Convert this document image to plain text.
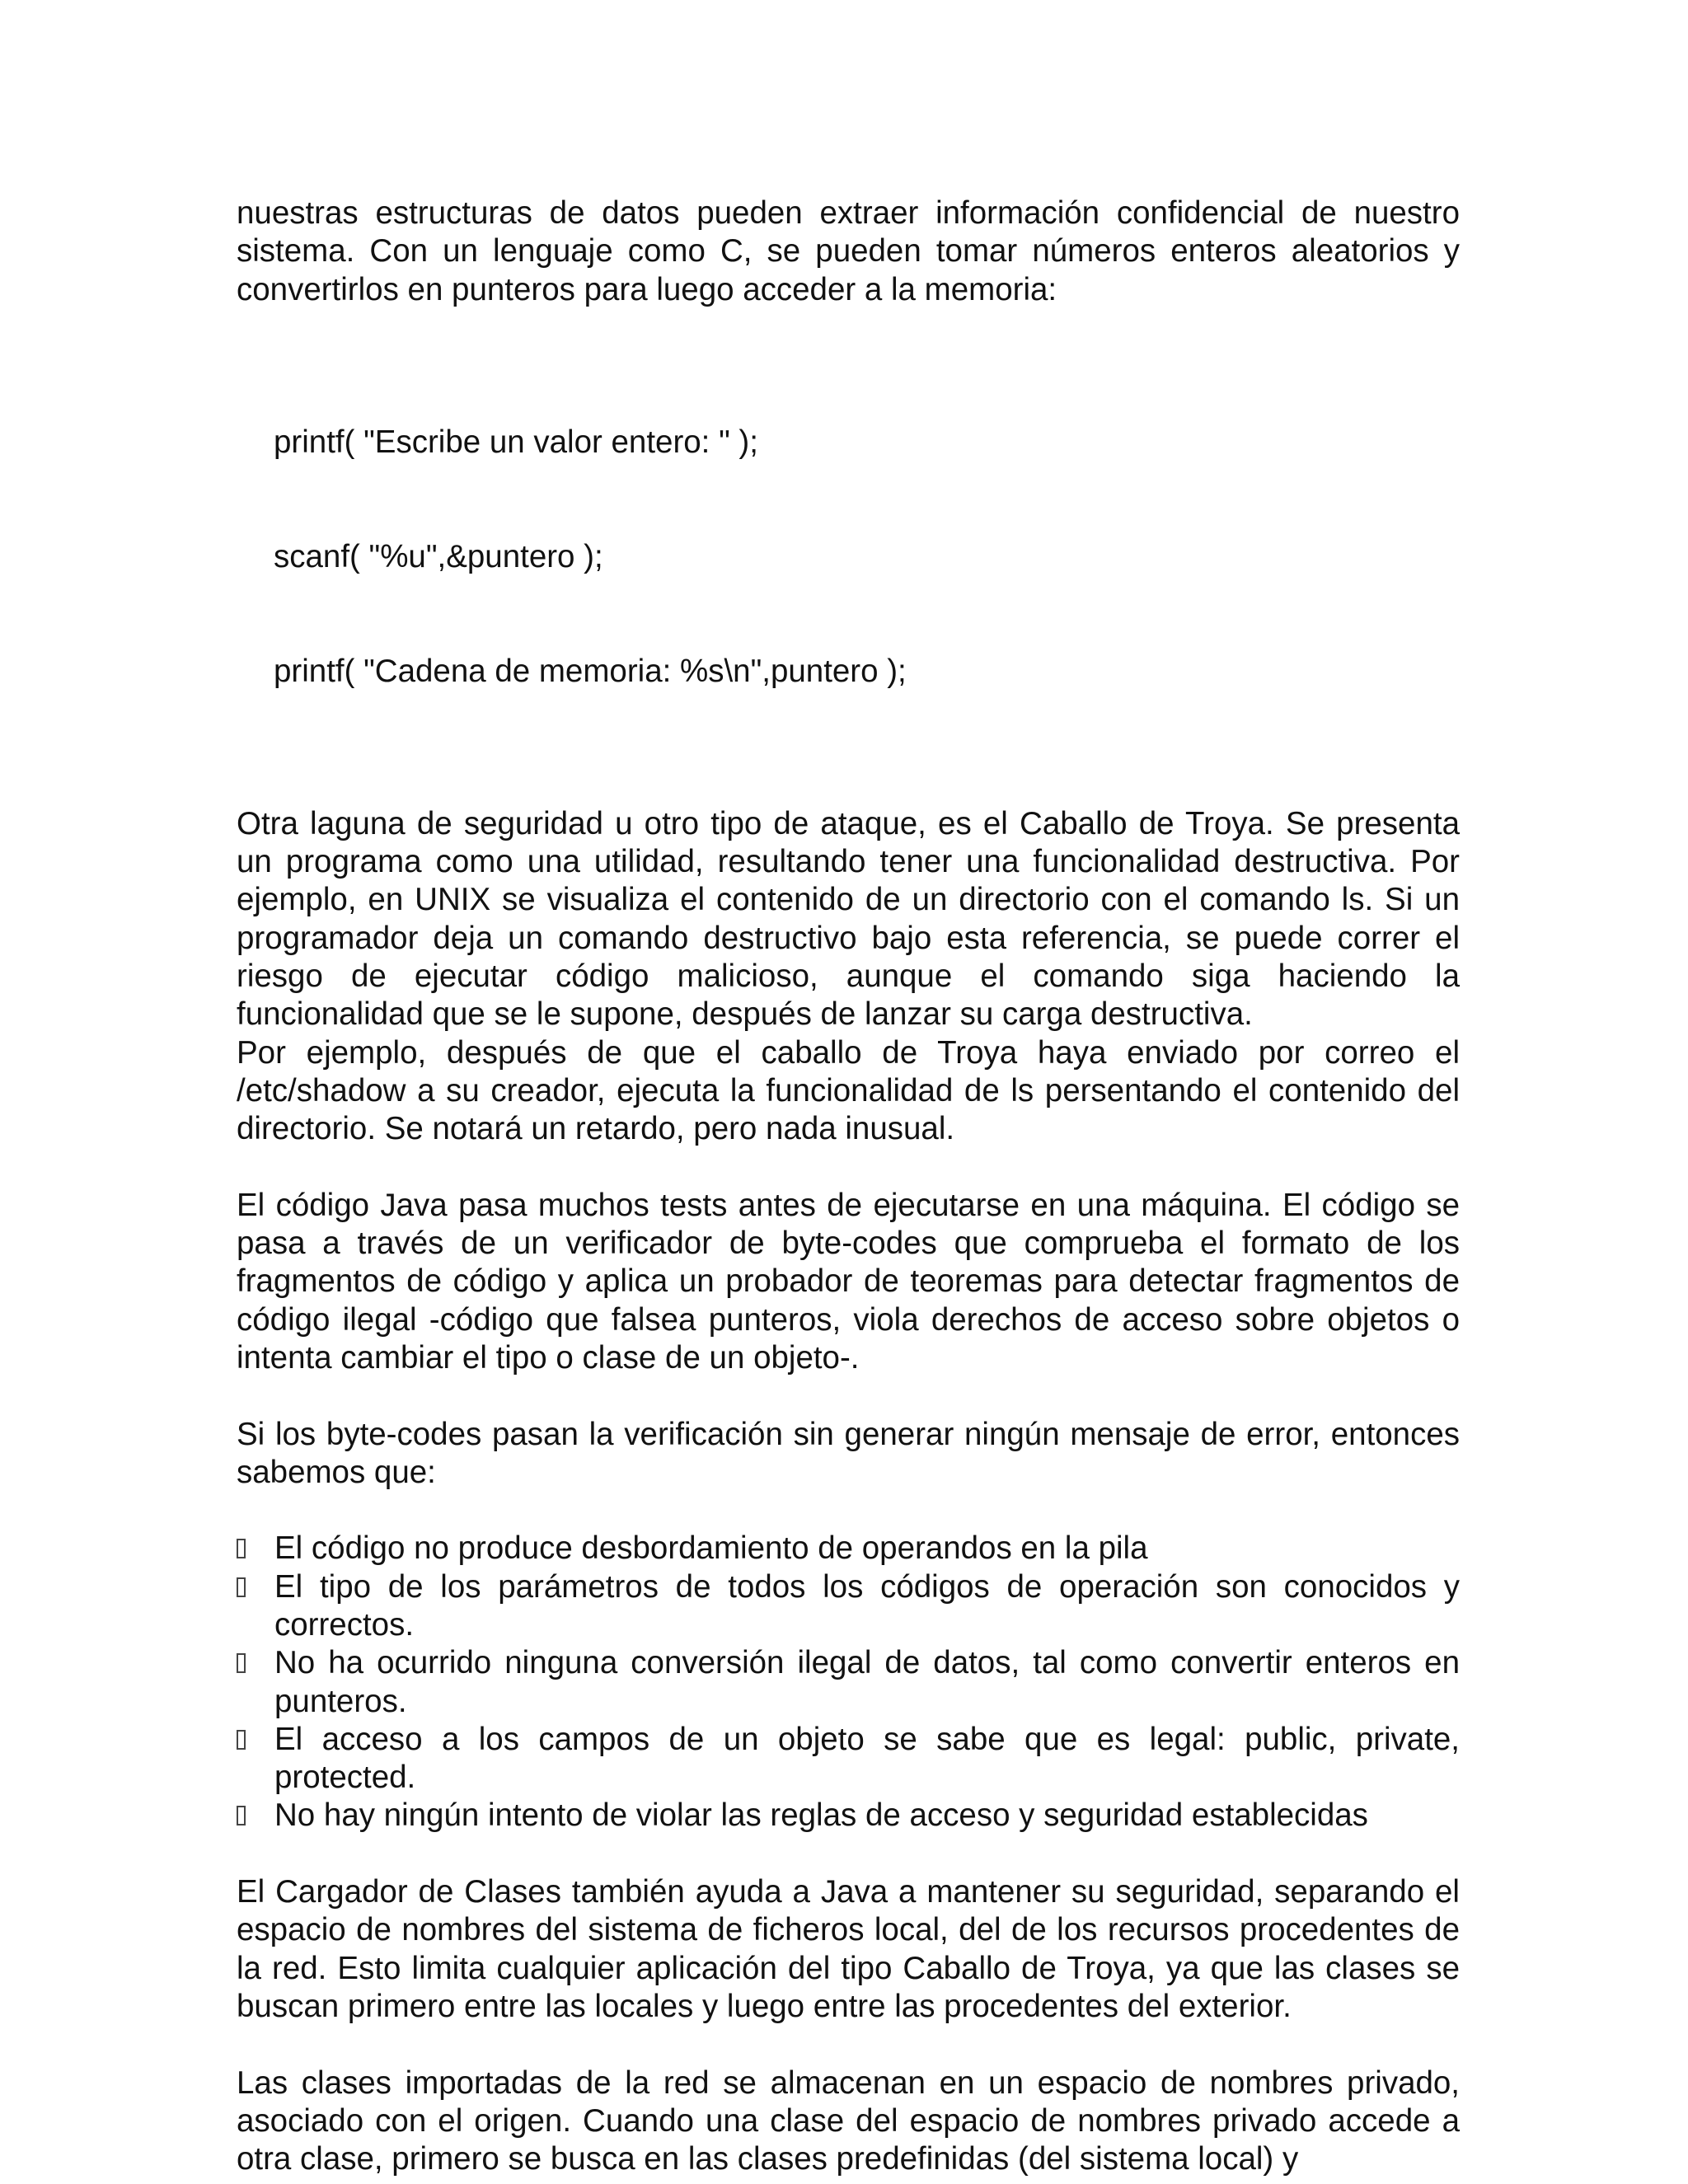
nuestras estructuras de datos pueden extraer información confidencial de nuestro sistema. Con un lenguaje como C, se pueden tomar números enteros aleatorios y convertirlos en punteros para luego acceder a la memoria:

printf( "Escribe un valor entero: " );

scanf( "%u",&puntero );

printf( "Cadena de memoria: %s\n",puntero );

Otra laguna de seguridad u otro tipo de ataque, es el Caballo de Troya. Se presenta un programa como una utilidad, resultando tener una funcionalidad destructiva. Por ejemplo, en UNIX se visualiza el contenido de un directorio con el comando ls. Si un programador deja un comando destructivo bajo esta referencia, se puede correr el riesgo de ejecutar código malicioso, aunque el comando siga haciendo la funcionalidad que se le supone, después de lanzar su carga destructiva.

Por ejemplo, después de que el caballo de Troya haya enviado por correo el /etc/shadow a su creador, ejecuta la funcionalidad de ls persentando el contenido del directorio. Se notará un retardo, pero nada inusual.

El código Java pasa muchos tests antes de ejecutarse en una máquina. El código se pasa a través de un verificador de byte-codes que comprueba el formato de los fragmentos de código y aplica un probador de teoremas para detectar fragmentos de código ilegal -código que falsea punteros, viola derechos de acceso sobre objetos o intenta cambiar el tipo o clase de un objeto-.

Si los byte-codes pasan la verificación sin generar ningún mensaje de error, entonces sabemos que:

El código no produce desbordamiento de operandos en la pila
El tipo de los parámetros de todos los códigos de operación son conocidos y correctos.
No ha ocurrido ninguna conversión ilegal de datos, tal como convertir enteros en punteros.
El acceso a los campos de un objeto se sabe que es legal: public, private, protected.
No hay ningún intento de violar las reglas de acceso y seguridad establecidas

El Cargador de Clases también ayuda a Java a mantener su seguridad, separando el espacio de nombres del sistema de ficheros local, del de los recursos procedentes de la red. Esto limita cualquier aplicación del tipo Caballo de Troya, ya que las clases se buscan primero entre las locales y luego entre las procedentes del exterior.

Las clases importadas de la red se almacenan en un espacio de nombres privado, asociado con el origen. Cuando una clase del espacio de nombres privado accede a otra clase, primero se busca en las clases predefinidas (del sistema local) y
